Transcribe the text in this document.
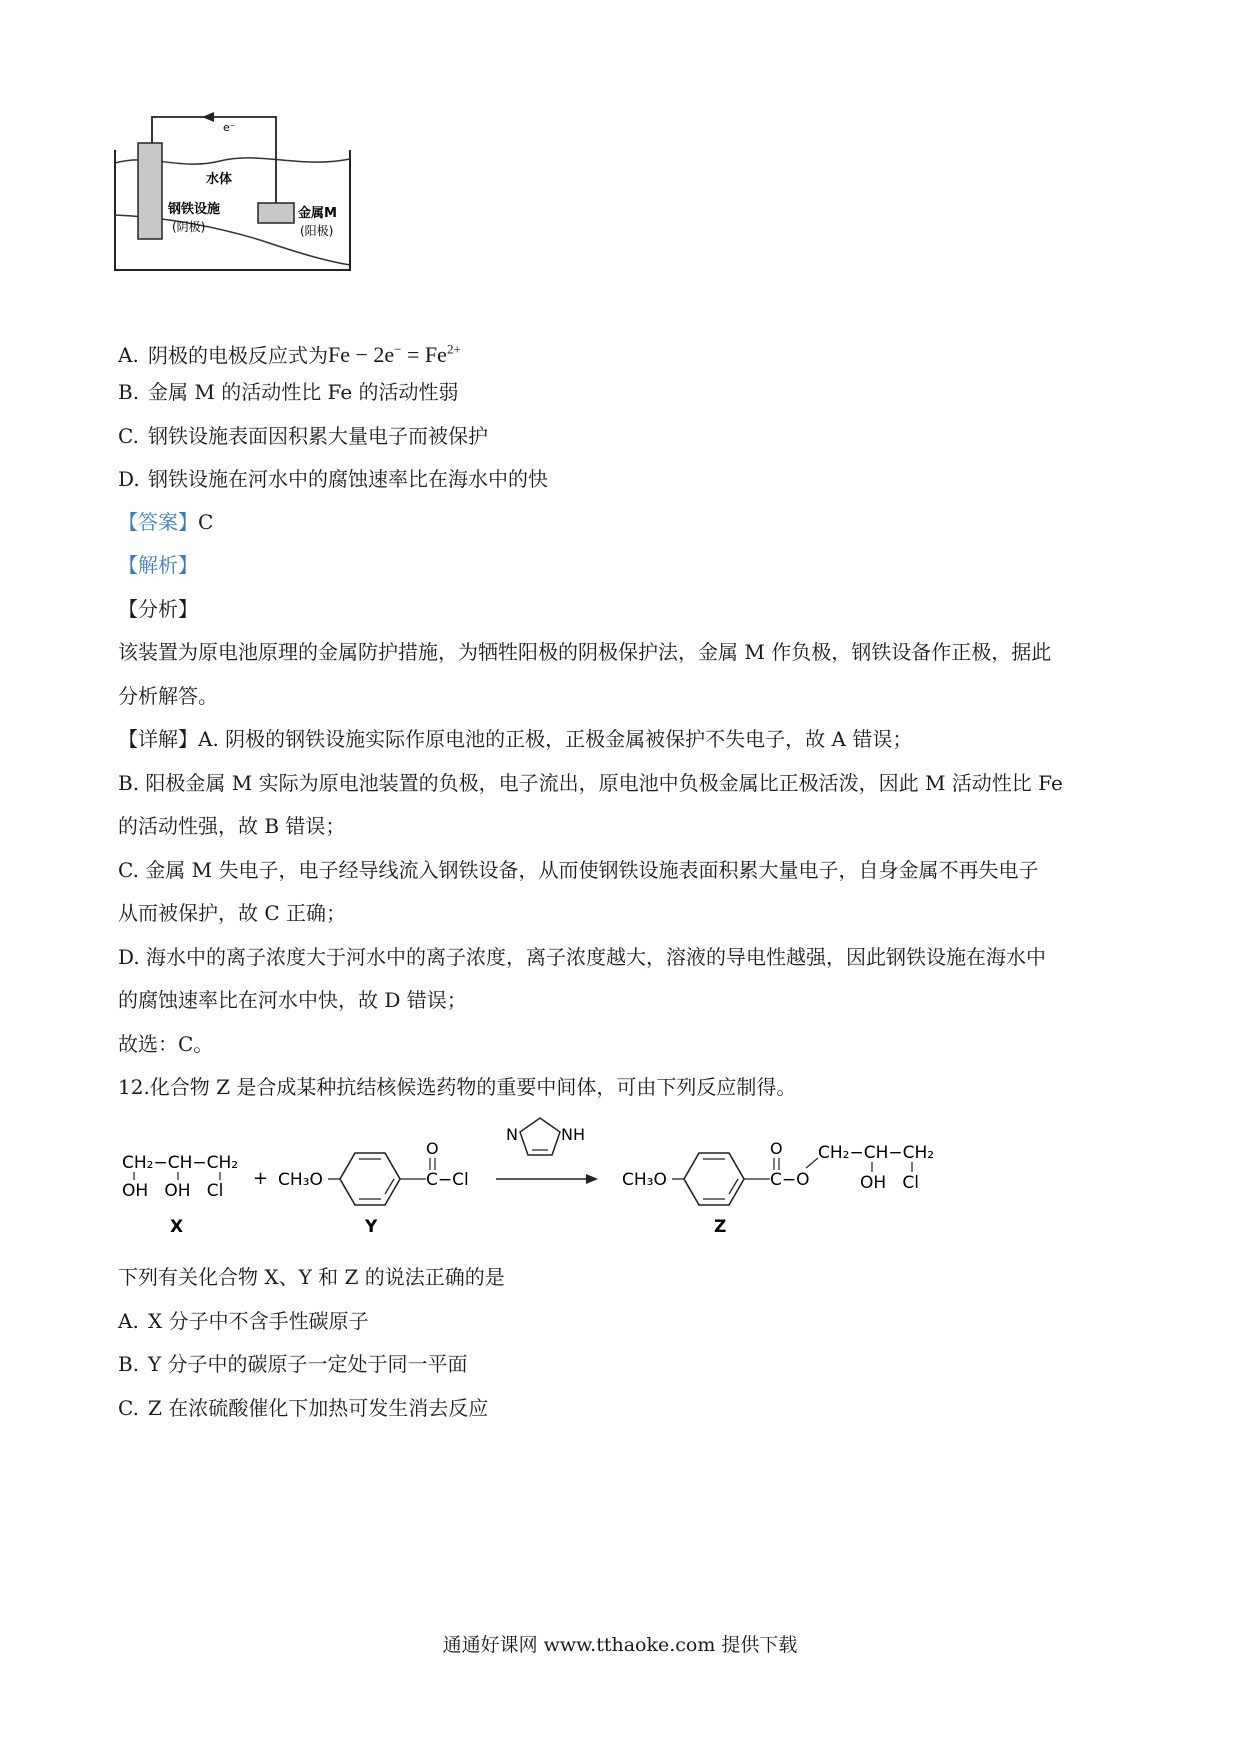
e⁻
水体
钢铁设施
(阴极)
金属M
(阳极)
A. 阴极的电极反应式为$Fe - 2e^- = Fe^{2+}$
B. 金属 M 的活动性比 Fe 的活动性弱
C. 钢铁设施表面因积累大量电子而被保护
D. 钢铁设施在河水中的腐蚀速率比在海水中的快
【答案】C
【解析】
【分析】
该装置为原电池原理的金属防护措施，为牺牲阳极的阴极保护法，金属 M 作负极，钢铁设备作正极，据此
分析解答。
【详解】A. 阴极的钢铁设施实际作原电池的正极，正极金属被保护不失电子，故 A 错误；
B. 阳极金属 M 实际为原电池装置的负极，电子流出，原电池中负极金属比正极活泼，因此 M 活动性比 Fe
的活动性强，故 B 错误；
C. 金属 M 失电子，电子经导线流入钢铁设备，从而使钢铁设施表面积累大量电子，自身金属不再失电子
从而被保护，故 C 正确；
D. 海水中的离子浓度大于河水中的离子浓度，离子浓度越大，溶液的导电性越强，因此钢铁设施在海水中
的腐蚀速率比在河水中快，故 D 错误；
故选：C。
12.化合物 Z 是合成某种抗结核候选药物的重要中间体，可由下列反应制得。
CH₂−CH−CH₂
OH   OH   Cl
X
+ CH₃O
O
C−Cl
Y
N	NH
CH₃O
O
C−O
CH₂−CH−CH₂
OH   Cl
Z
下列有关化合物 X、Y 和 Z 的说法正确的是
A. X 分子中不含手性碳原子
B. Y 分子中的碳原子一定处于同一平面
C. Z 在浓硫酸催化下加热可发生消去反应
通通好课网 www.tthaoke.com 提供下载
